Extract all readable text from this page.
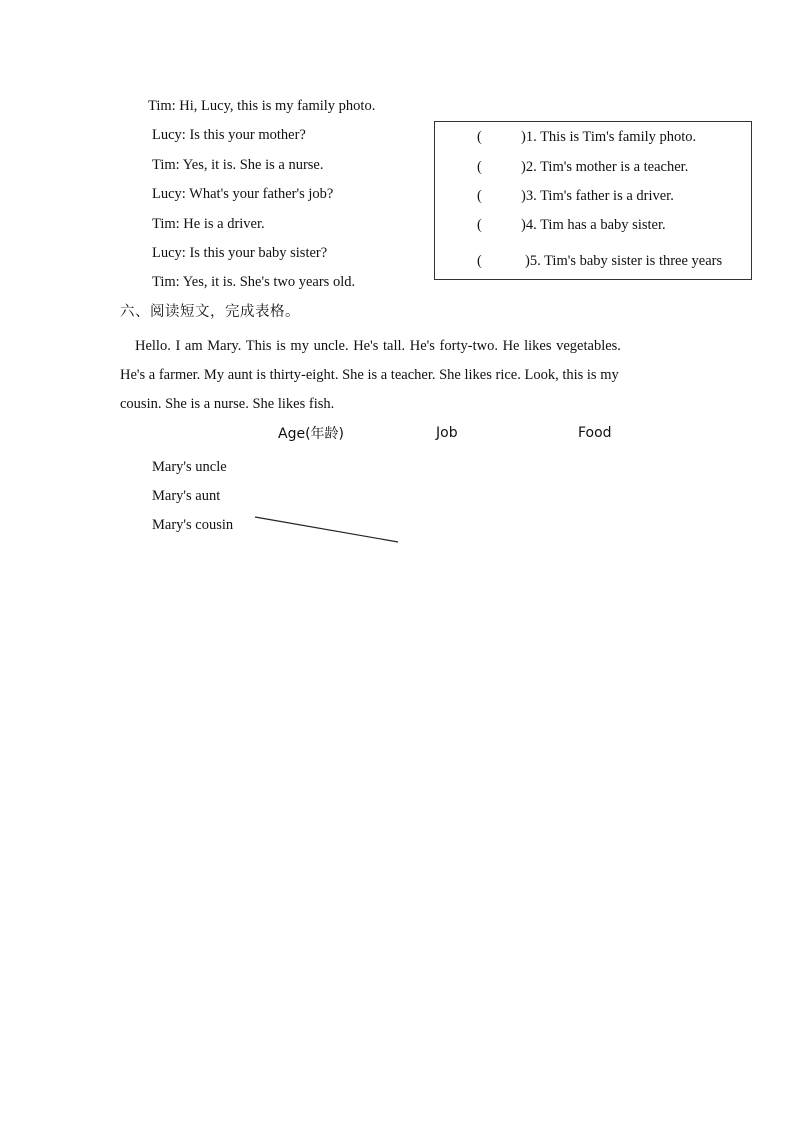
Tim: Hi, Lucy, this is my family photo.
Lucy: Is this your mother?
Tim: Yes, it is. She is a nurse.
Lucy: What's your father's job?
Tim: He is a driver.
Lucy: Is this your baby sister?
Tim: Yes, it is. She's two years old.
(	)1. This is Tim's family photo.
(	)2. Tim's mother is a teacher.
(	)3. Tim's father is a driver.
(	)4. Tim has a baby sister.
(	)5. Tim's baby sister is three years
六、阅读短文，完成表格。
Hello. I am Mary. This is my uncle. He's tall. He's forty-two. He likes vegetables.
He's a farmer. My aunt is thirty-eight. She is a teacher. She likes rice. Look, this is my
cousin. She is a nurse. She likes fish.
Age(年龄)	Job	Food
Mary's uncle
Mary's aunt
Mary's cousin
